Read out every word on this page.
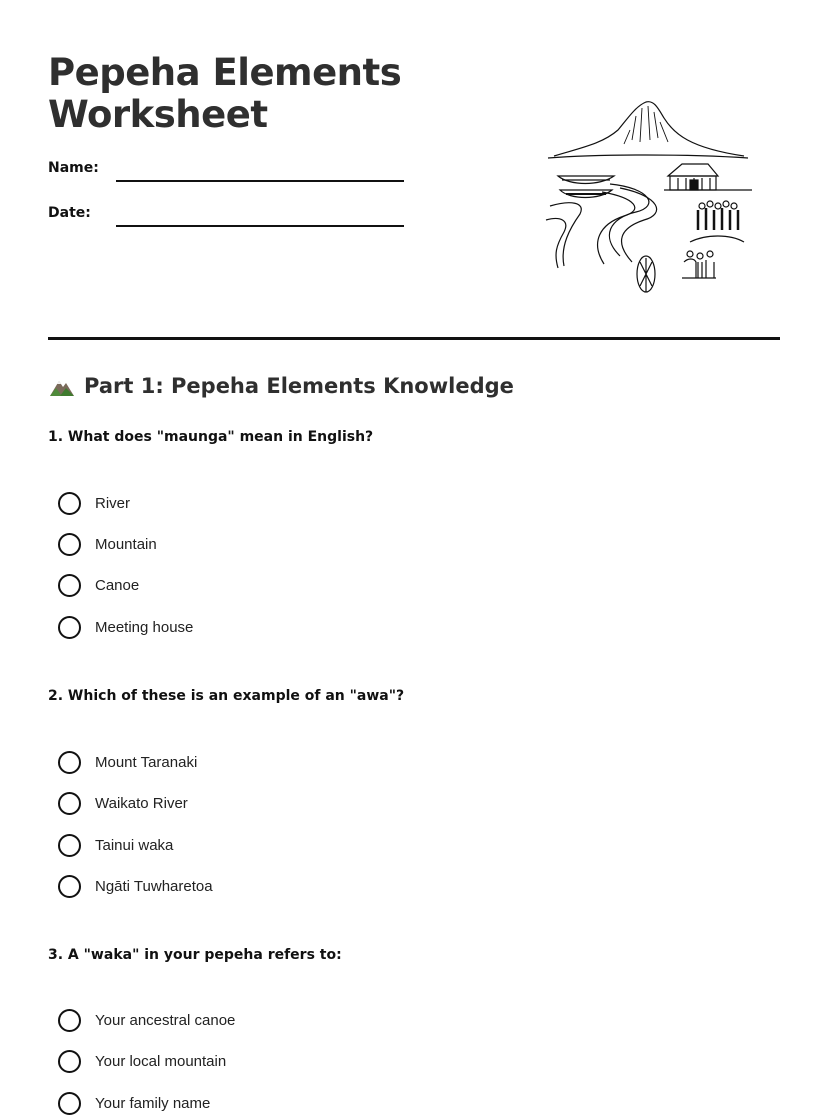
Pepeha Elements
Worksheet
Name:
Date:
Part 1: Pepeha Elements Knowledge
1. What does "maunga" mean in English?
River
Mountain
Canoe
Meeting house
2. Which of these is an example of an "awa"?
Mount Taranaki
Waikato River
Tainui waka
Ngāti Tuwharetoa
3. A "waka" in your pepeha refers to:
Your ancestral canoe
Your local mountain
Your family name
